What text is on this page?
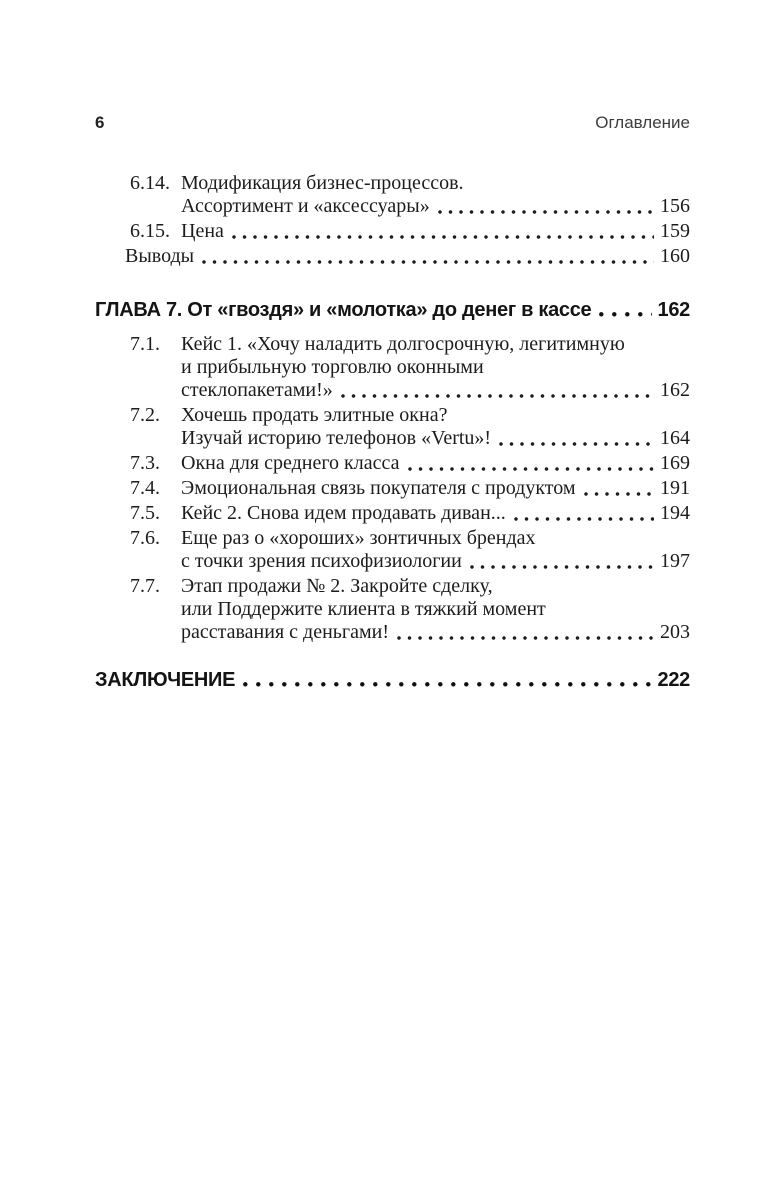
6	Оглавление
6.14. Модификация бизнес-процессов.
Ассортимент и «аксессуары»	156
6.15. Цена	159
Выводы	160
ГЛАВА 7. От «гвоздя» и «молотка» до денег в кассе	162
7.1. Кейс 1. «Хочу наладить долгосрочную, легитимную
и прибыльную торговлю оконными
стеклопакетами!»	162
7.2. Хочешь продать элитные окна?
Изучай историю телефонов «Vertu»!	164
7.3. Окна для среднего класса	169
7.4. Эмоциональная связь покупателя с продуктом	191
7.5. Кейс 2. Снова идем продавать диван...	194
7.6. Еще раз о «хороших» зонтичных брендах
с точки зрения психофизиологии	197
7.7. Этап продажи № 2. Закройте сделку,
или Поддержите клиента в тяжкий момент
расставания с деньгами!	203
ЗАКЛЮЧЕНИЕ	222
